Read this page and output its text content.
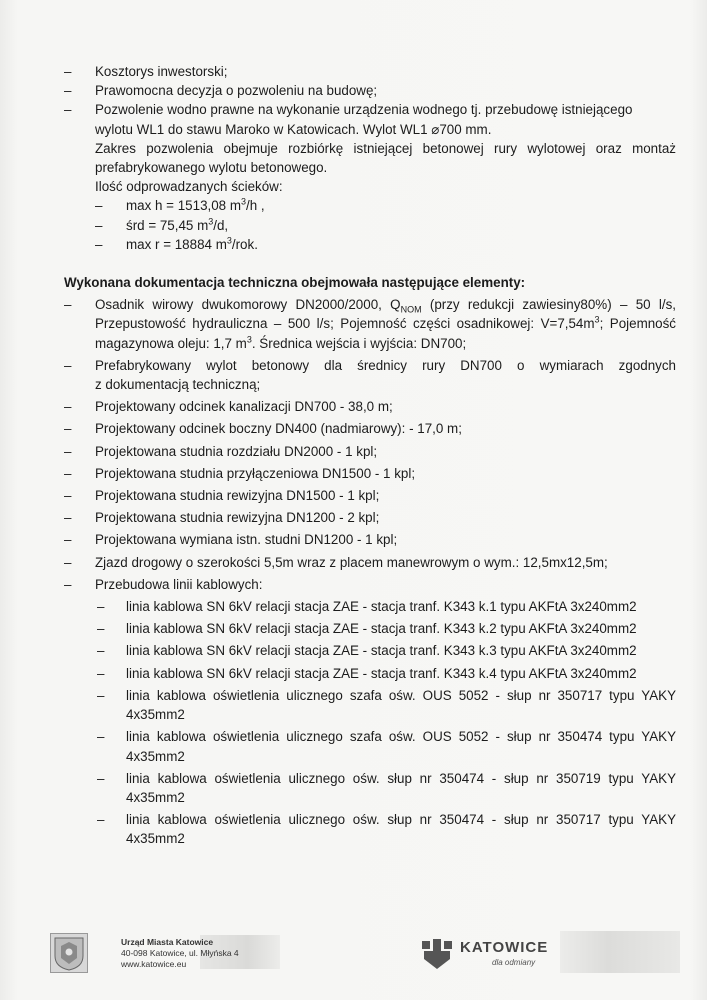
– Kosztorys inwestorski;
– Prawomocna decyzja o pozwoleniu na budowę;
– Pozwolenie wodno prawne na wykonanie urządzenia wodnego tj. przebudowę istniejącego
wylotu WL1 do stawu Maroko w Katowicach. Wylot WL1 ⌀700 mm.
Zakres pozwolenia obejmuje rozbiórkę istniejącej betonowej rury wylotowej oraz montaż prefabrykowanego wylotu betonowego.
Ilość odprowadzanych ścieków:
– max h = 1513,08 $m^3/h$ ,
– śrd = 75,45 $m^3/d$,
– max r = 18884 $m^3$/rok.
Wykonana dokumentacja techniczna obejmowała następujące elementy:
– Osadnik wirowy dwukomorowy DN2000/2000, $Q_{NOM}$ (przy redukcji zawiesiny80%) – 50 l/s, Przepustowość hydrauliczna – 500 l/s; Pojemność części osadnikowej: $V=7,54m^3$; Pojemność magazynowa oleju: 1,7 $m^3$. Średnica wejścia i wyjścia: DN700;
– Prefabrykowany wylot betonowy dla średnicy rury DN700 o wymiarach zgodnych
z dokumentacją techniczną;
– Projektowany odcinek kanalizacji DN700 - 38,0 m;
– Projektowany odcinek boczny DN400 (nadmiarowy): - 17,0 m;
– Projektowana studnia rozdziału DN2000 - 1 kpl;
– Projektowana studnia przyłączeniowa DN1500 - 1 kpl;
– Projektowana studnia rewizyjna DN1500 - 1 kpl;
– Projektowana studnia rewizyjna DN1200 - 2 kpl;
– Projektowana wymiana istn. studni DN1200 - 1 kpl;
– Zjazd drogowy o szerokości 5,5m wraz z placem manewrowym o wym.: 12,5mx12,5m;
– Przebudowa linii kablowych:
– linia kablowa SN 6kV relacji stacja ZAE - stacja tranf. K343 k.1 typu AKFtA 3x240mm2
– linia kablowa SN 6kV relacji stacja ZAE - stacja tranf. K343 k.2 typu AKFtA 3x240mm2
– linia kablowa SN 6kV relacji stacja ZAE - stacja tranf. K343 k.3 typu AKFtA 3x240mm2
– linia kablowa SN 6kV relacji stacja ZAE - stacja tranf. K343 k.4 typu AKFtA 3x240mm2
– linia kablowa oświetlenia ulicznego szafa ośw. OUS 5052 - słup nr 350717 typu YAKY 4x35mm2
– linia kablowa oświetlenia ulicznego szafa ośw. OUS 5052 - słup nr 350474 typu YAKY 4x35mm2
– linia kablowa oświetlenia ulicznego ośw. słup nr 350474 - słup nr 350719 typu YAKY 4x35mm2
– linia kablowa oświetlenia ulicznego ośw. słup nr 350474 - słup nr 350717 typu YAKY 4x35mm2
Urząd Miasta Katowice
40-098 Katowice, ul. Młyńska 4
www.katowice.eu
KATOWICE
dla odmiany
